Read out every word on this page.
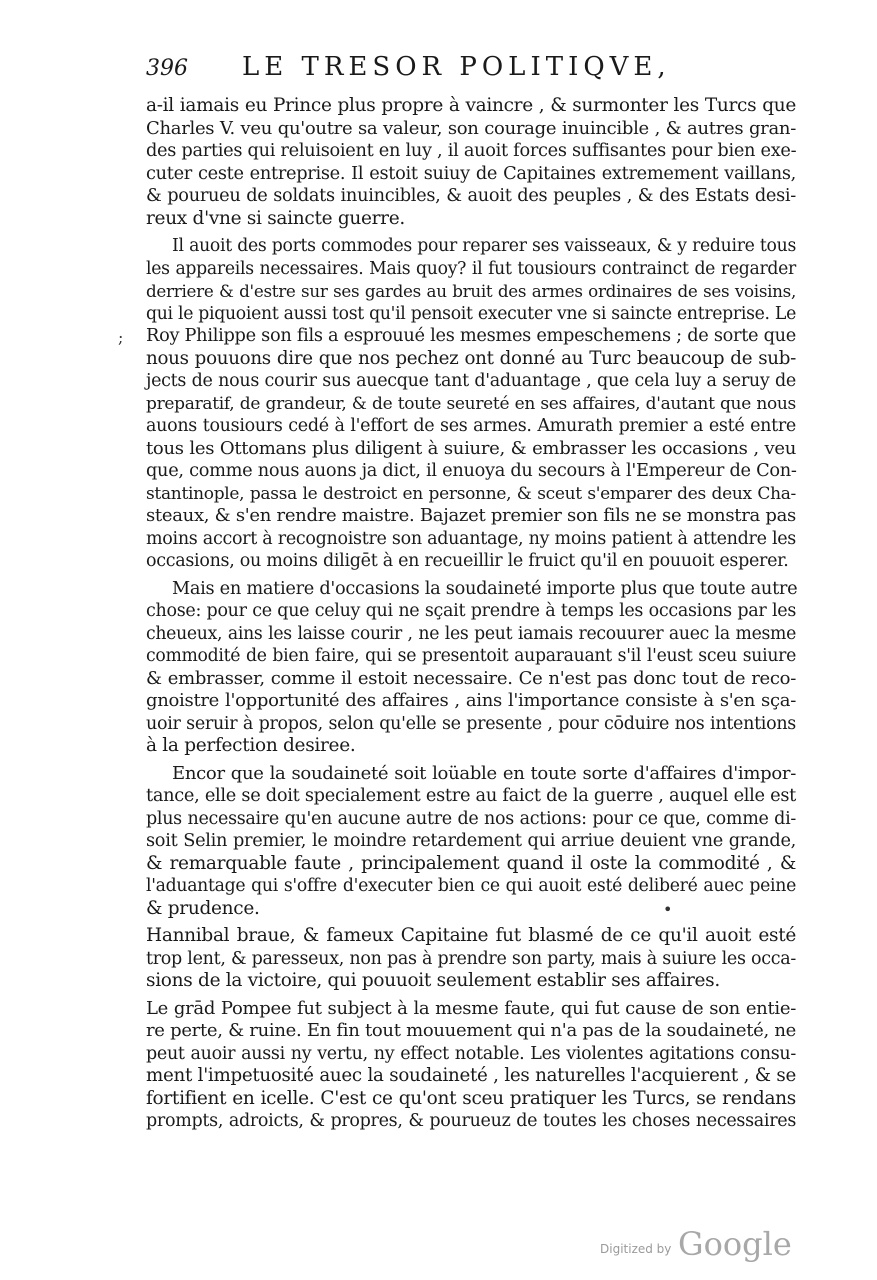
396 LE TRESOR POLITIQVE,
a-il iamais eu Prince plus propre à vaincre , & surmonter les Turcs que
Charles V. veu qu'outre sa valeur, son courage inuincible , & autres gran-
des parties qui reluisoient en luy , il auoit forces suffisantes pour bien exe-
cuter ceste entreprise. Il estoit suiuy de Capitaines extremement vaillans,
& pourueu de soldats inuincibles, & auoit des peuples , & des Estats desi-
reux d'vne si saincte guerre.
Il auoit des ports commodes pour reparer ses vaisseaux, & y reduire tous
les appareils necessaires. Mais quoy? il fut tousiours contrainct de regarder
derriere & d'estre sur ses gardes au bruit des armes ordinaires de ses voisins,
qui le piquoient aussi tost qu'il pensoit executer vne si saincte entreprise. Le
Roy Philippe son fils a esprouué les mesmes empeschemens ; de sorte que
nous pouuons dire que nos pechez ont donné au Turc beaucoup de sub-
jects de nous courir sus auecque tant d'aduantage , que cela luy a seruy de
preparatif, de grandeur, & de toute seureté en ses affaires, d'autant que nous
auons tousiours cedé à l'effort de ses armes. Amurath premier a esté entre
tous les Ottomans plus diligent à suiure, & embrasser les occasions , veu
que, comme nous auons ja dict, il enuoya du secours à l'Empereur de Con-
stantinople, passa le destroict en personne, & sceut s'emparer des deux Cha-
steaux, & s'en rendre maistre. Bajazet premier son fils ne se monstra pas
moins accort à recognoistre son aduantage, ny moins patient à attendre les
occasions, ou moins diligēt à en recueillir le fruict qu'il en pouuoit esperer.
Mais en matiere d'occasions la soudaineté importe plus que toute autre
chose: pour ce que celuy qui ne sçait prendre à temps les occasions par les
cheueux, ains les laisse courir , ne les peut iamais recouurer auec la mesme
commodité de bien faire, qui se presentoit auparauant s'il l'eust sceu suiure
& embrasser, comme il estoit necessaire. Ce n'est pas donc tout de reco-
gnoistre l'opportunité des affaires , ains l'importance consiste à s'en sça-
uoir seruir à propos, selon qu'elle se presente , pour cōduire nos intentions
à la perfection desiree.
Encor que la soudaineté soit loüable en toute sorte d'affaires d'impor-
tance, elle se doit specialement estre au faict de la guerre , auquel elle est
plus necessaire qu'en aucune autre de nos actions: pour ce que, comme di-
soit Selin premier, le moindre retardement qui arriue deuient vne grande,
& remarquable faute , principalement quand il oste la commodité , &
l'aduantage qui s'offre d'executer bien ce qui auoit esté deliberé auec peine
& prudence.
Hannibal braue, & fameux Capitaine fut blasmé de ce qu'il auoit esté
trop lent, & paresseux, non pas à prendre son party, mais à suiure les occa-
sions de la victoire, qui pouuoit seulement establir ses affaires.
Le grād Pompee fut subject à la mesme faute, qui fut cause de son entie-
re perte, & ruine. En fin tout mouuement qui n'a pas de la soudaineté, ne
peut auoir aussi ny vertu, ny effect notable. Les violentes agitations consu-
ment l'impetuosité auec la soudaineté , les naturelles l'acquierent , & se
fortifient en icelle. C'est ce qu'ont sceu pratiquer les Turcs, se rendans
prompts, adroicts, & propres, & pourueuz de toutes les choses necessaires
;
•
Digitized by Google
